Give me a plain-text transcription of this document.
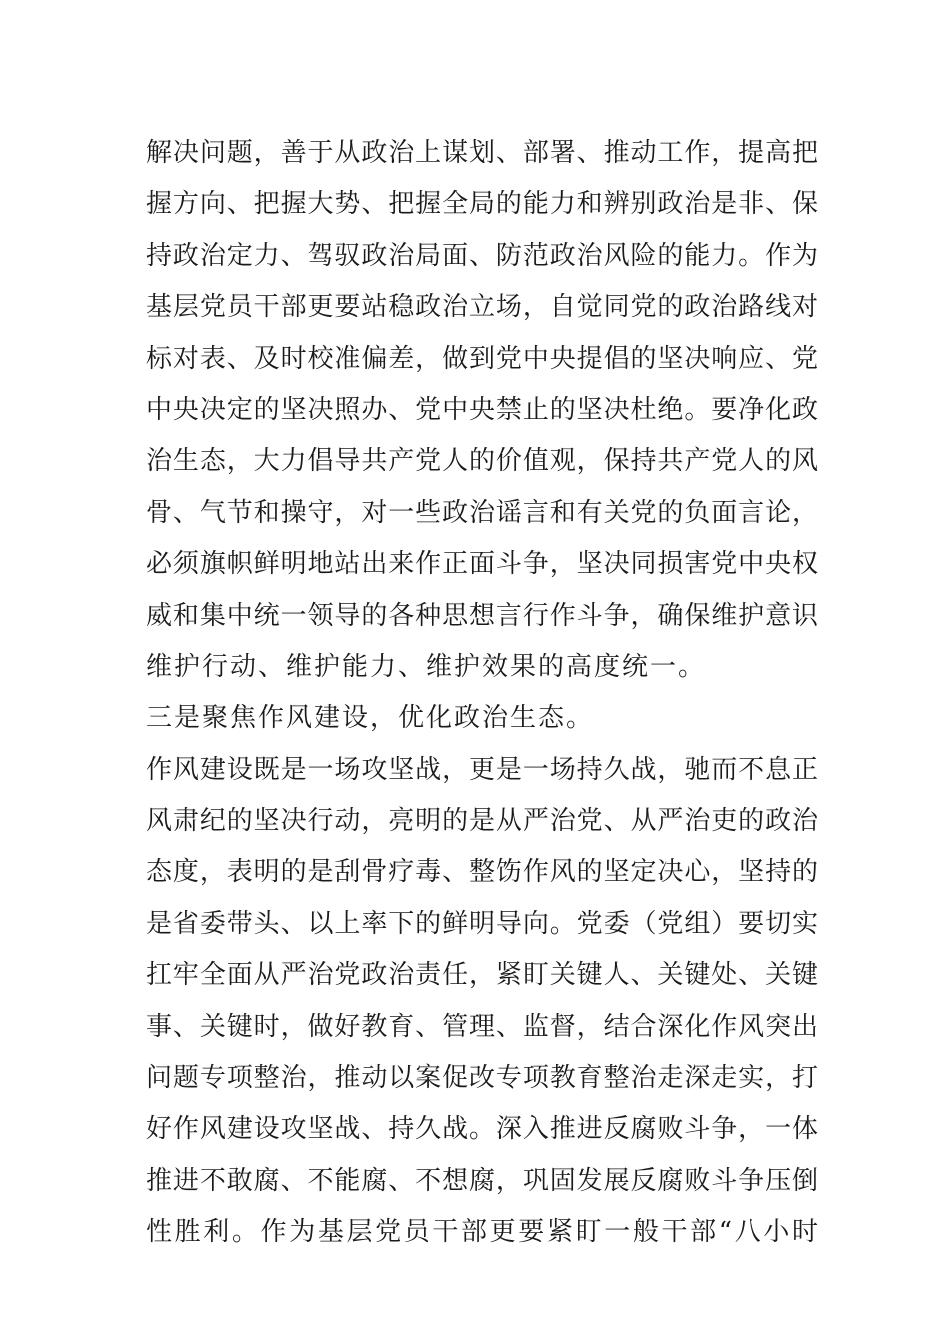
解决问题，善于从政治上谋划、部署、推动工作，提高把
握方向、把握大势、把握全局的能力和辨别政治是非、保
持政治定力、驾驭政治局面、防范政治风险的能力。作为
基层党员干部更要站稳政治立场，自觉同党的政治路线对
标对表、及时校准偏差，做到党中央提倡的坚决响应、党
中央决定的坚决照办、党中央禁止的坚决杜绝。要净化政
治生态，大力倡导共产党人的价值观，保持共产党人的风
骨、气节和操守，对一些政治谣言和有关党的负面言论，
必须旗帜鲜明地站出来作正面斗争，坚决同损害党中央权
威和集中统一领导的各种思想言行作斗争，确保维护意识
维护行动、维护能力、维护效果的高度统一。
三是聚焦作风建设，优化政治生态。
作风建设既是一场攻坚战，更是一场持久战，驰而不息正
风肃纪的坚决行动，亮明的是从严治党、从严治吏的政治
态度，表明的是刮骨疗毒、整饬作风的坚定决心，坚持的
是省委带头、以上率下的鲜明导向。党委（党组）要切实
扛牢全面从严治党政治责任，紧盯关键人、关键处、关键
事、关键时，做好教育、管理、监督，结合深化作风突出
问题专项整治，推动以案促改专项教育整治走深走实，打
好作风建设攻坚战、持久战。深入推进反腐败斗争，一体
推进不敢腐、不能腐、不想腐，巩固发展反腐败斗争压倒
性胜利。作为基层党员干部更要紧盯一般干部“八小时
